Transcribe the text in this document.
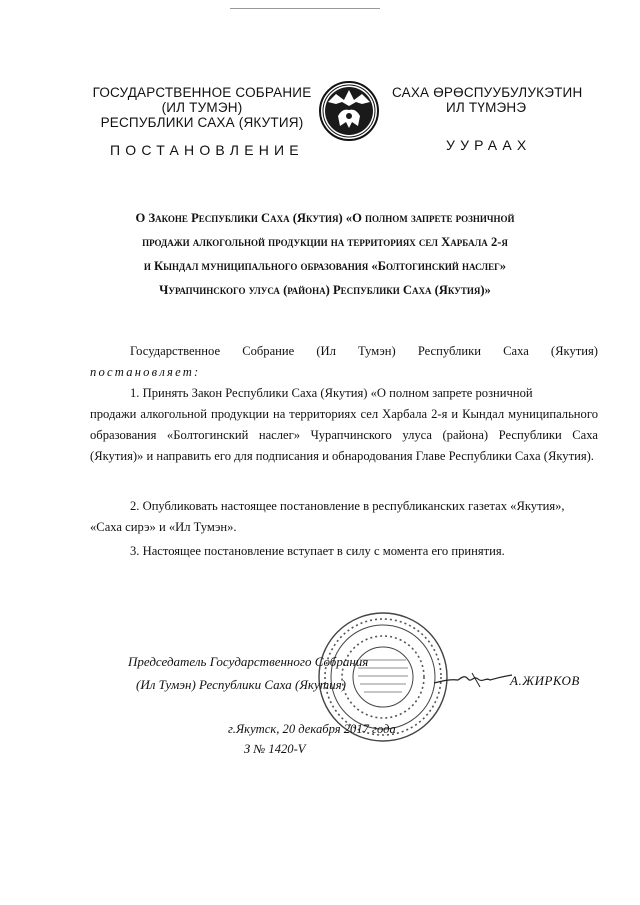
ГОСУДАРСТВЕННОЕ СОБРАНИЕ
(ИЛ ТУМЭН)
РЕСПУБЛИКИ САХА (ЯКУТИЯ)
САХА ӨРӨСПУУБУЛУКЭТИН
ИЛ ТҮМЭНЭ
ПОСТАНОВЛЕНИЕ	УУРААХ
О Законе Республики Саха (Якутия) «О полном запрете розничной
продажи алкогольной продукции на территориях сел Харбала 2-я
и Кындал муниципального образования «Болтогинский наслег»
Чурапчинского улуса (района) Республики Саха (Якутия)»
Государственное Собрание (Ил Тумэн) Республики Саха (Якутия)
постановляет:
1. Принять Закон Республики Саха (Якутия) «О полном запрете розничной
продажи алкогольной продукции на территориях сел Харбала 2-я и Кындал муниципального образования «Болтогинский наслег» Чурапчинского улуса (района) Республики Саха (Якутия)» и направить его для подписания и обнародования Главе Республики Саха (Якутия).
2. Опубликовать настоящее постановление в республиканских газетах «Якутия»,
«Саха сирэ» и «Ил Тумэн».
3. Настоящее постановление вступает в силу с момента его принятия.
Председатель Государственного Собрания
(Ил Тумэн) Республики Саха (Якутия)	А.ЖИРКОВ
г.Якутск, 20 декабря 2017 года
З № 1420-V
